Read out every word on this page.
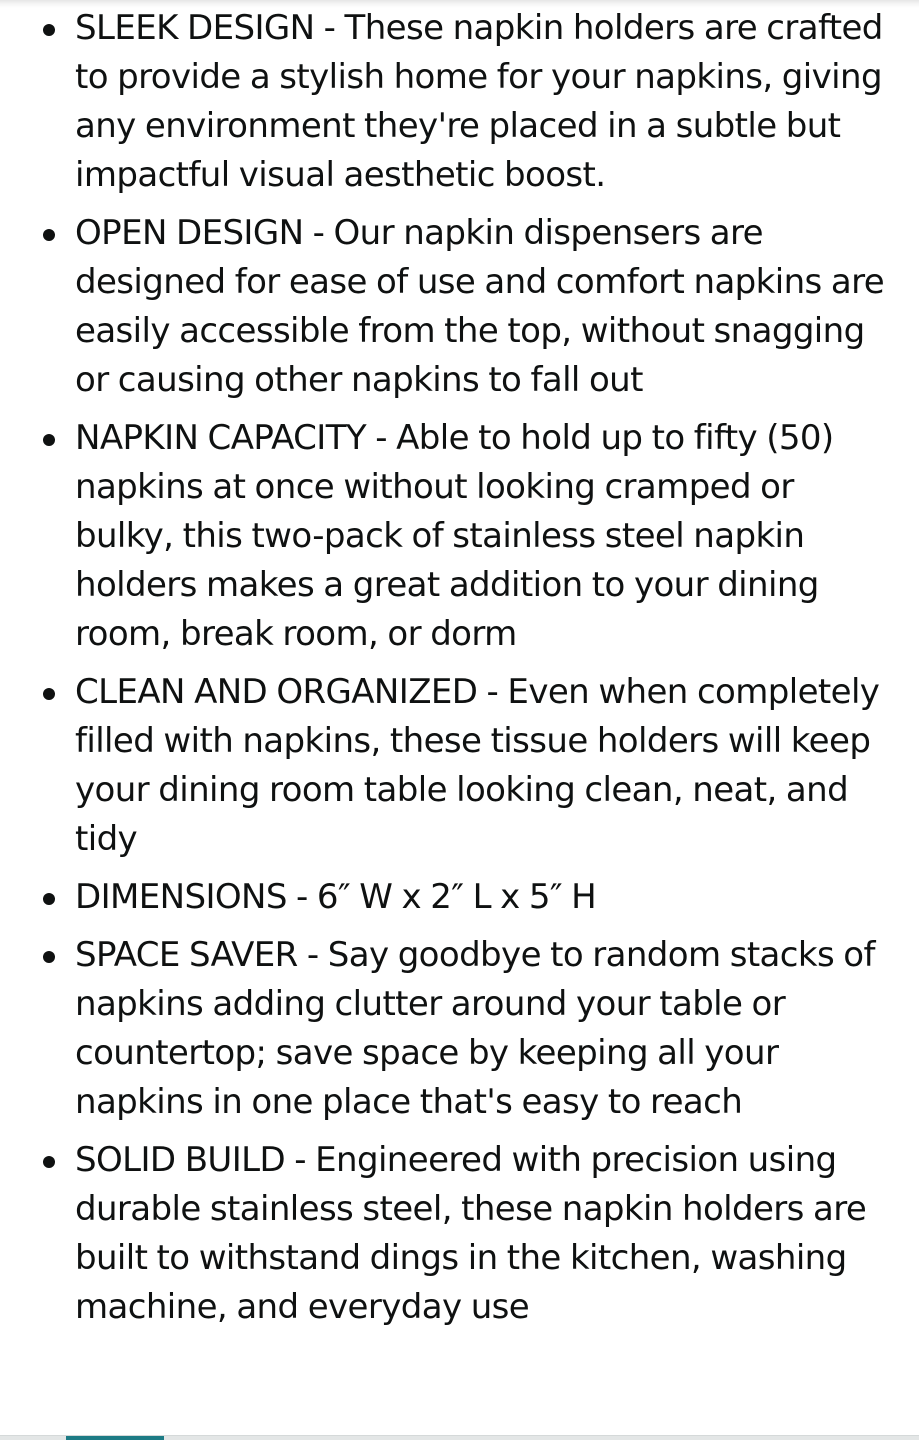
SLEEK DESIGN - These napkin holders are crafted to provide a stylish home for your napkins, giving any environment they're placed in a subtle but impactful visual aesthetic boost.
OPEN DESIGN - Our napkin dispensers are designed for ease of use and comfort napkins are easily accessible from the top, without snagging or causing other napkins to fall out
NAPKIN CAPACITY - Able to hold up to fifty (50) napkins at once without looking cramped or bulky, this two-pack of stainless steel napkin holders makes a great addition to your dining room, break room, or dorm
CLEAN AND ORGANIZED - Even when completely filled with napkins, these tissue holders will keep your dining room table looking clean, neat, and tidy
DIMENSIONS - 6″ W x 2″ L x 5″ H
SPACE SAVER - Say goodbye to random stacks of napkins adding clutter around your table or countertop; save space by keeping all your napkins in one place that's easy to reach
SOLID BUILD - Engineered with precision using durable stainless steel, these napkin holders are built to withstand dings in the kitchen, washing machine, and everyday use
